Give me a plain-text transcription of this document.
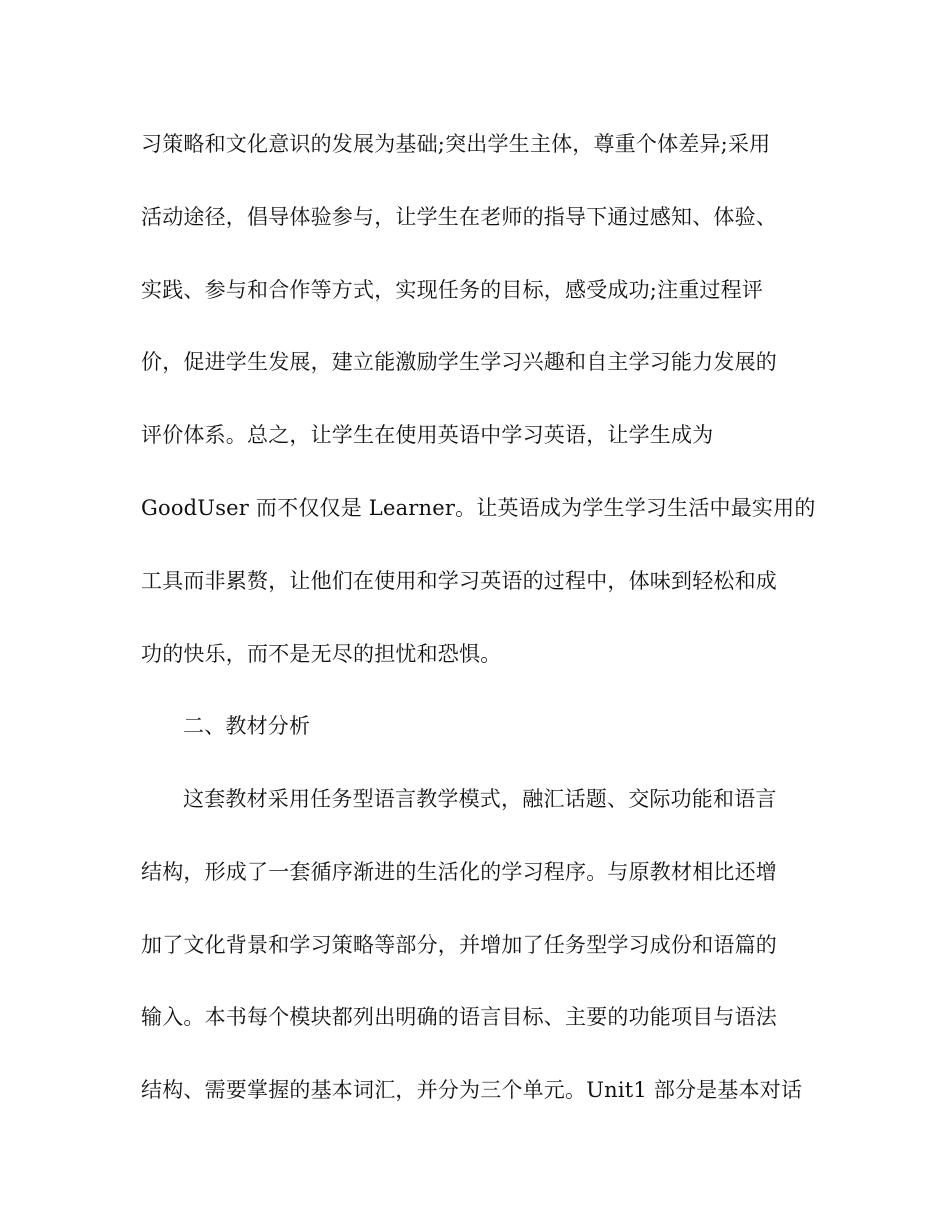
习策略和文化意识的发展为基础;突出学生主体，尊重个体差异;采用
活动途径，倡导体验参与，让学生在老师的指导下通过感知、体验、
实践、参与和合作等方式，实现任务的目标，感受成功;注重过程评
价，促进学生发展，建立能激励学生学习兴趣和自主学习能力发展的
评价体系。总之，让学生在使用英语中学习英语，让学生成为
GoodUser 而不仅仅是 Learner。让英语成为学生学习生活中最实用的
工具而非累赘，让他们在使用和学习英语的过程中，体味到轻松和成
功的快乐，而不是无尽的担忧和恐惧。
二、教材分析
这套教材采用任务型语言教学模式，融汇话题、交际功能和语言
结构，形成了一套循序渐进的生活化的学习程序。与原教材相比还增
加了文化背景和学习策略等部分，并增加了任务型学习成份和语篇的
输入。本书每个模块都列出明确的语言目标、主要的功能项目与语法
结构、需要掌握的基本词汇，并分为三个单元。Unit1 部分是基本对话
